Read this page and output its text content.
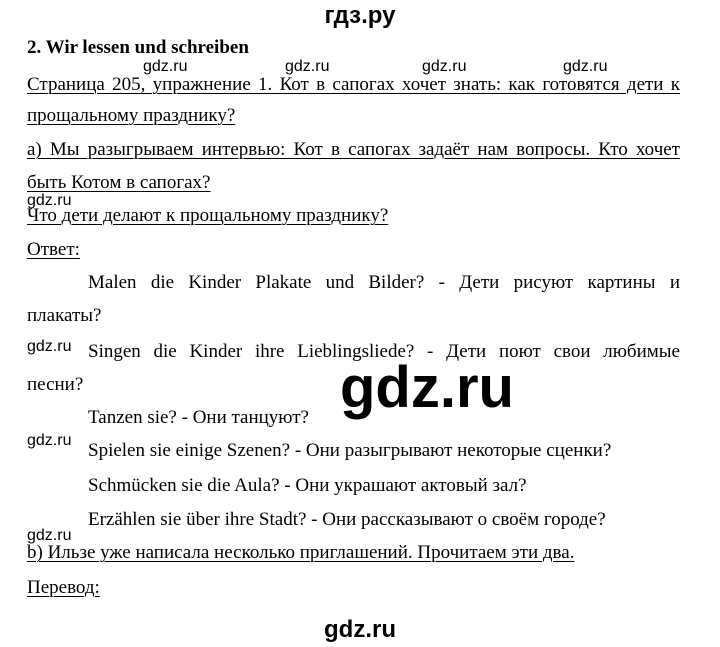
гдз.ру
2. Wir lessen und schreiben
gdz.ru	gdz.ru	gdz.ru	gdz.ru
Страница 205, упражнение 1. Кот в сапогах хочет знать: как готовятся дети к
прощальному празднику?
а) Мы разыгрываем интервью: Кот в сапогах задаёт нам вопросы. Кто хочет
быть Котом в сапогах?
gdz.ru
Что дети делают к прощальному празднику?
Ответ:
Malen die Kinder Plakate und Bilder? - Дети рисуют картины и
плакаты?
gdz.ru Singen die Kinder ihre Lieblingsliede? - Дети поют свои любимые
песни?	gdz.ru
Tanzen sie? - Они танцуют?
gdz.ru Spielen sie einige Szenen? - Они разыгрывают некоторые сценки?
Schmücken sie die Aula? - Они украшают актовый зал?
gdz.ru
Erzählen sie über ihre Stadt? - Они рассказывают о своём городе?
b) Ильзе уже написала несколько приглашений. Прочитаем эти два.
Перевод:
gdz.ru
